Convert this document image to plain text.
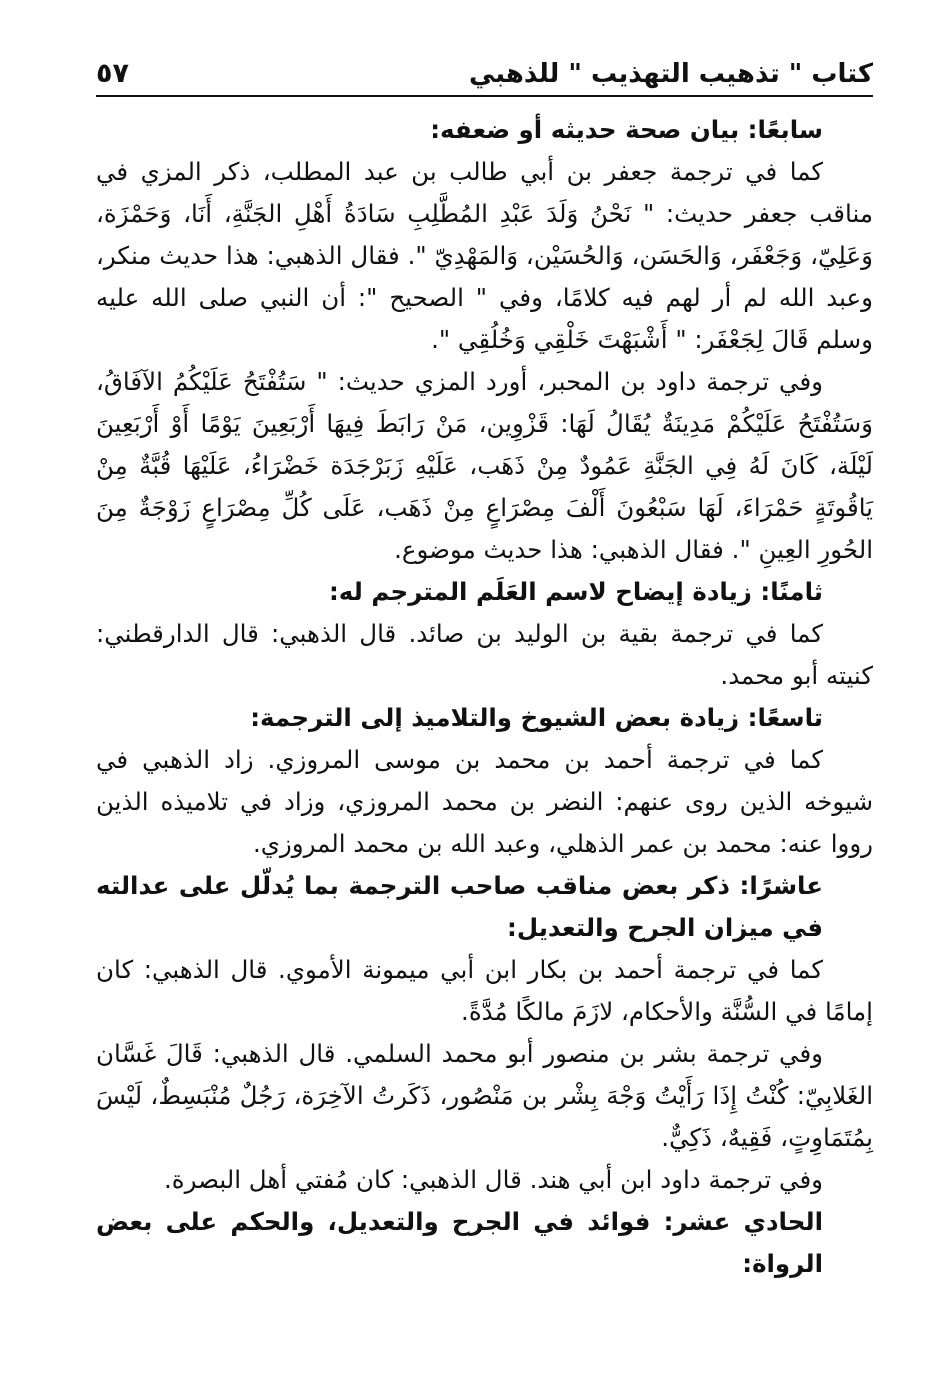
٥٧	كتاب " تذهيب التهذيب " للذهبي

سابعًا: بيان صحة حديثه أو ضعفه:

كما في ترجمة جعفر بن أبي طالب بن عبد المطلب، ذكر المزي في مناقب جعفر حديث: " نَحْنُ وَلَدَ عَبْدِ المُطَّلِبِ سَادَةُ أَهْلِ الجَنَّةِ، أَنَا، وَحَمْزَة، وَعَلِيّ، وَجَعْفَر، وَالحَسَن، وَالحُسَيْن، وَالمَهْدِيّ ". فقال الذهبي: هذا حديث منكر، وعبد الله لم أر لهم فيه كلامًا، وفي " الصحيح ": أن النبي صلى الله عليه وسلم قَالَ لِجَعْفَر: " أَشْبَهْتَ خَلْقِي وَخُلُقِي ".

وفي ترجمة داود بن المحبر، أورد المزي حديث: " سَتُفْتَحُ عَلَيْكُمُ الآفَاقُ، وَسَتُفْتَحُ عَلَيْكُمْ مَدِينَةٌ يُقَالُ لَهَا: قَزْوِين، مَنْ رَابَطَ فِيهَا أَرْبَعِينَ يَوْمًا أَوْ أَرْبَعِينَ لَيْلَة، كَانَ لَهُ فِي الجَنَّةِ عَمُودٌ مِنْ ذَهَب، عَلَيْهِ زَبَرْجَدَة خَضْرَاءُ، عَلَيْهَا قُبَّةٌ مِنْ يَاقُوتَةٍ حَمْرَاءَ، لَهَا سَبْعُونَ أَلْفَ مِصْرَاعٍ مِنْ ذَهَب، عَلَى كُلِّ مِصْرَاعٍ زَوْجَةٌ مِنَ الحُورِ العِينِ ". فقال الذهبي: هذا حديث موضوع.

ثامنًا: زيادة إيضاح لاسم العَلَم المترجم له:

كما في ترجمة بقية بن الوليد بن صائد. قال الذهبي: قال الدارقطني: كنيته أبو محمد.

تاسعًا: زيادة بعض الشيوخ والتلاميذ إلى الترجمة:

كما في ترجمة أحمد بن محمد بن موسى المروزي. زاد الذهبي في شيوخه الذين روى عنهم: النضر بن محمد المروزي، وزاد في تلاميذه الذين رووا عنه: محمد بن عمر الذهلي، وعبد الله بن محمد المروزي.

عاشرًا: ذكر بعض مناقب صاحب الترجمة بما يُدلّل على عدالته في ميزان الجرح والتعديل:

كما في ترجمة أحمد بن بكار ابن أبي ميمونة الأموي. قال الذهبي: كان إمامًا في السُّنَّة والأحكام، لازَمَ مالكًا مُدَّةً.

وفي ترجمة بشر بن منصور أبو محمد السلمي. قال الذهبي: قَالَ غَسَّان الغَلابِيّ: كُنْتُ إِذَا رَأَيْتُ وَجْهَ بِشْر بن مَنْصُور، ذَكَرتُ الآخِرَة، رَجُلٌ مُنْبَسِطٌ، لَيْسَ بِمُتَمَاوِتٍ، فَقِيهٌ، ذَكِيٌّ.

وفي ترجمة داود ابن أبي هند. قال الذهبي: كان مُفتي أهل البصرة.

الحادي عشر: فوائد في الجرح والتعديل، والحكم على بعض الرواة:
